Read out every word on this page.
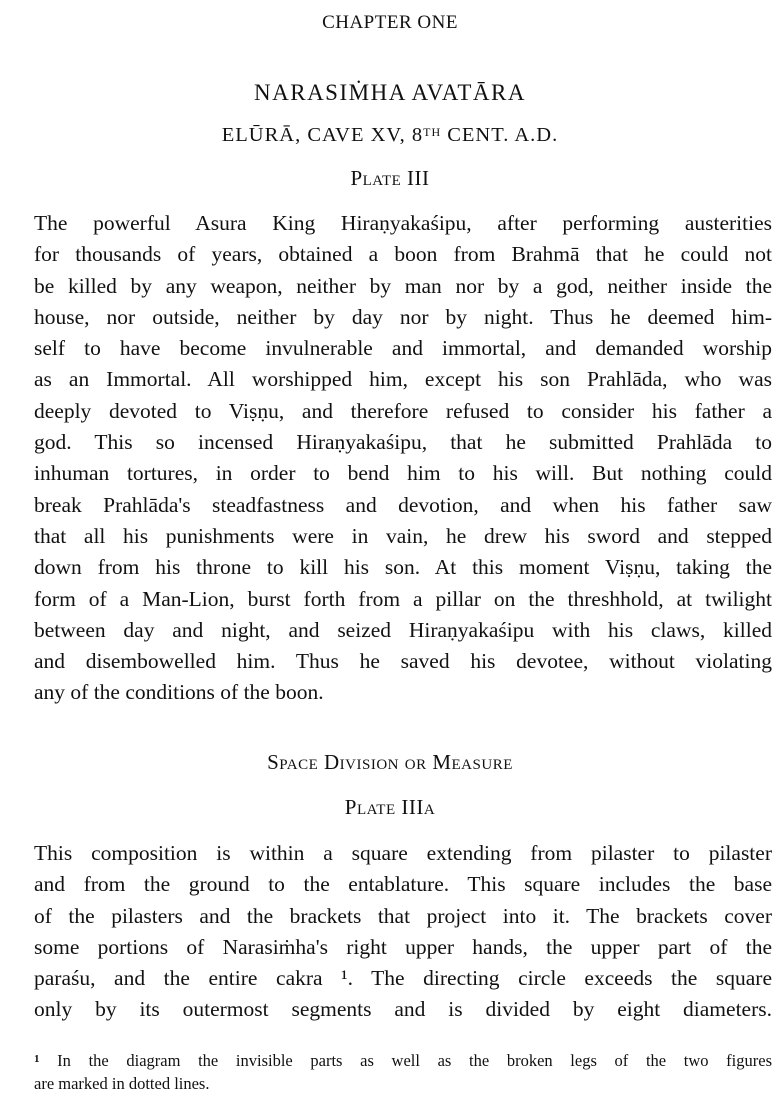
CHAPTER ONE
NARASIṀHA AVATĀRA
ELŪRĀ, CAVE XV, 8TH CENT. A.D.
Plate III
The powerful Asura King Hiraṇyakaśipu, after performing austerities
for thousands of years, obtained a boon from Brahmā that he could not
be killed by any weapon, neither by man nor by a god, neither inside the
house, nor outside, neither by day nor by night. Thus he deemed him-
self to have become invulnerable and immortal, and demanded worship
as an Immortal. All worshipped him, except his son Prahlāda, who was
deeply devoted to Viṣṇu, and therefore refused to consider his father a
god. This so incensed Hiraṇyakaśipu, that he submitted Prahlāda to
inhuman tortures, in order to bend him to his will. But nothing could
break Prahlāda's steadfastness and devotion, and when his father saw
that all his punishments were in vain, he drew his sword and stepped
down from his throne to kill his son. At this moment Viṣṇu, taking the
form of a Man-Lion, burst forth from a pillar on the threshhold, at twilight
between day and night, and seized Hiraṇyakaśipu with his claws, killed
and disembowelled him. Thus he saved his devotee, without violating
any of the conditions of the boon.
Space Division or Measure
Plate IIIa
This composition is within a square extending from pilaster to pilaster
and from the ground to the entablature. This square includes the base
of the pilasters and the brackets that project into it. The brackets cover
some portions of Narasiṁha's right upper hands, the upper part of the
paraśu, and the entire cakra ¹. The directing circle exceeds the square
only by its outermost segments and is divided by eight diameters.
$^1$ In the diagram the invisible parts as well as the broken legs of the two figures
are marked in dotted lines.
